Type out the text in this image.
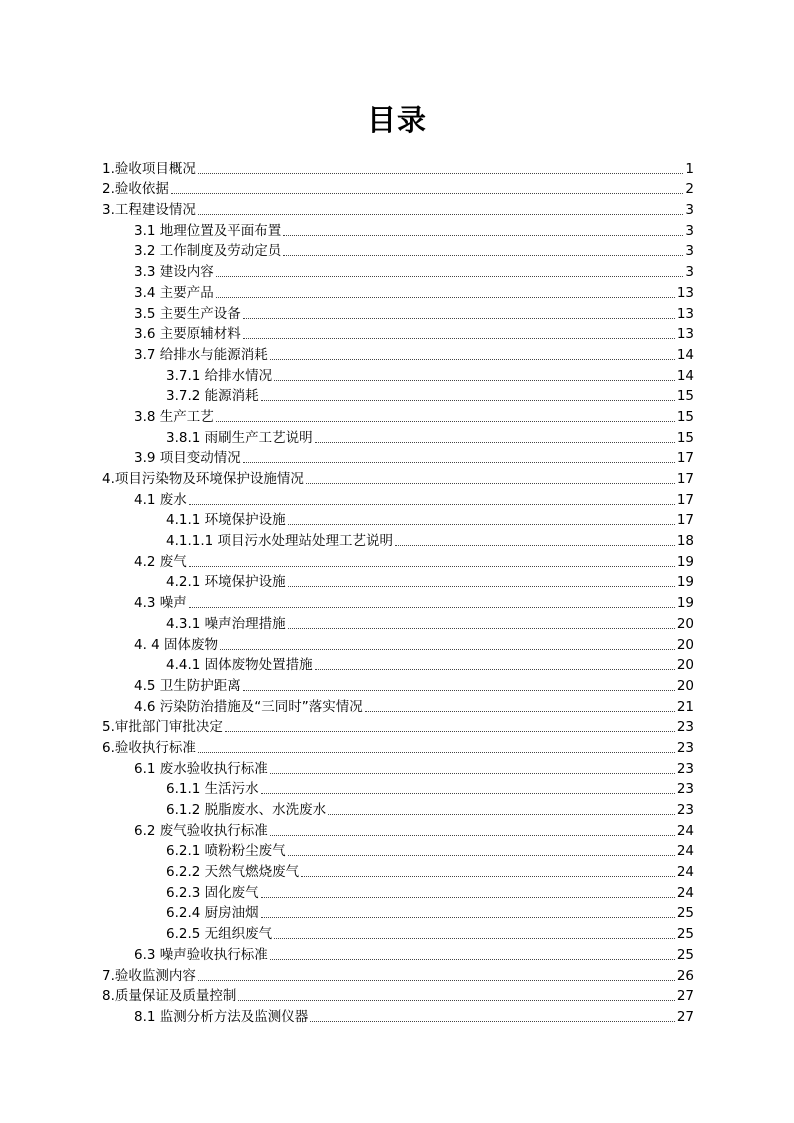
目录
1.验收项目概况	1
2.验收依据	2
3.工程建设情况	3
3.1 地理位置及平面布置	3
3.2 工作制度及劳动定员	3
3.3 建设内容	3
3.4 主要产品	13
3.5 主要生产设备	13
3.6 主要原辅材料	13
3.7 给排水与能源消耗	14
3.7.1 给排水情况	14
3.7.2 能源消耗	15
3.8 生产工艺	15
3.8.1 雨刷生产工艺说明	15
3.9 项目变动情况	17
4.项目污染物及环境保护设施情况	17
4.1 废水	17
4.1.1 环境保护设施	17
4.1.1.1 项目污水处理站处理工艺说明	18
4.2 废气	19
4.2.1 环境保护设施	19
4.3 噪声	19
4.3.1 噪声治理措施	20
4. 4 固体废物	20
4.4.1 固体废物处置措施	20
4.5 卫生防护距离	20
4.6 污染防治措施及“三同时”落实情况	21
5.审批部门审批决定	23
6.验收执行标准	23
6.1 废水验收执行标准	23
6.1.1 生活污水	23
6.1.2 脱脂废水、水洗废水	23
6.2 废气验收执行标准	24
6.2.1 喷粉粉尘废气	24
6.2.2 天然气燃烧废气	24
6.2.3 固化废气	24
6.2.4 厨房油烟	25
6.2.5 无组织废气	25
6.3 噪声验收执行标准	25
7.验收监测内容	26
8.质量保证及质量控制	27
8.1 监测分析方法及监测仪器	27
